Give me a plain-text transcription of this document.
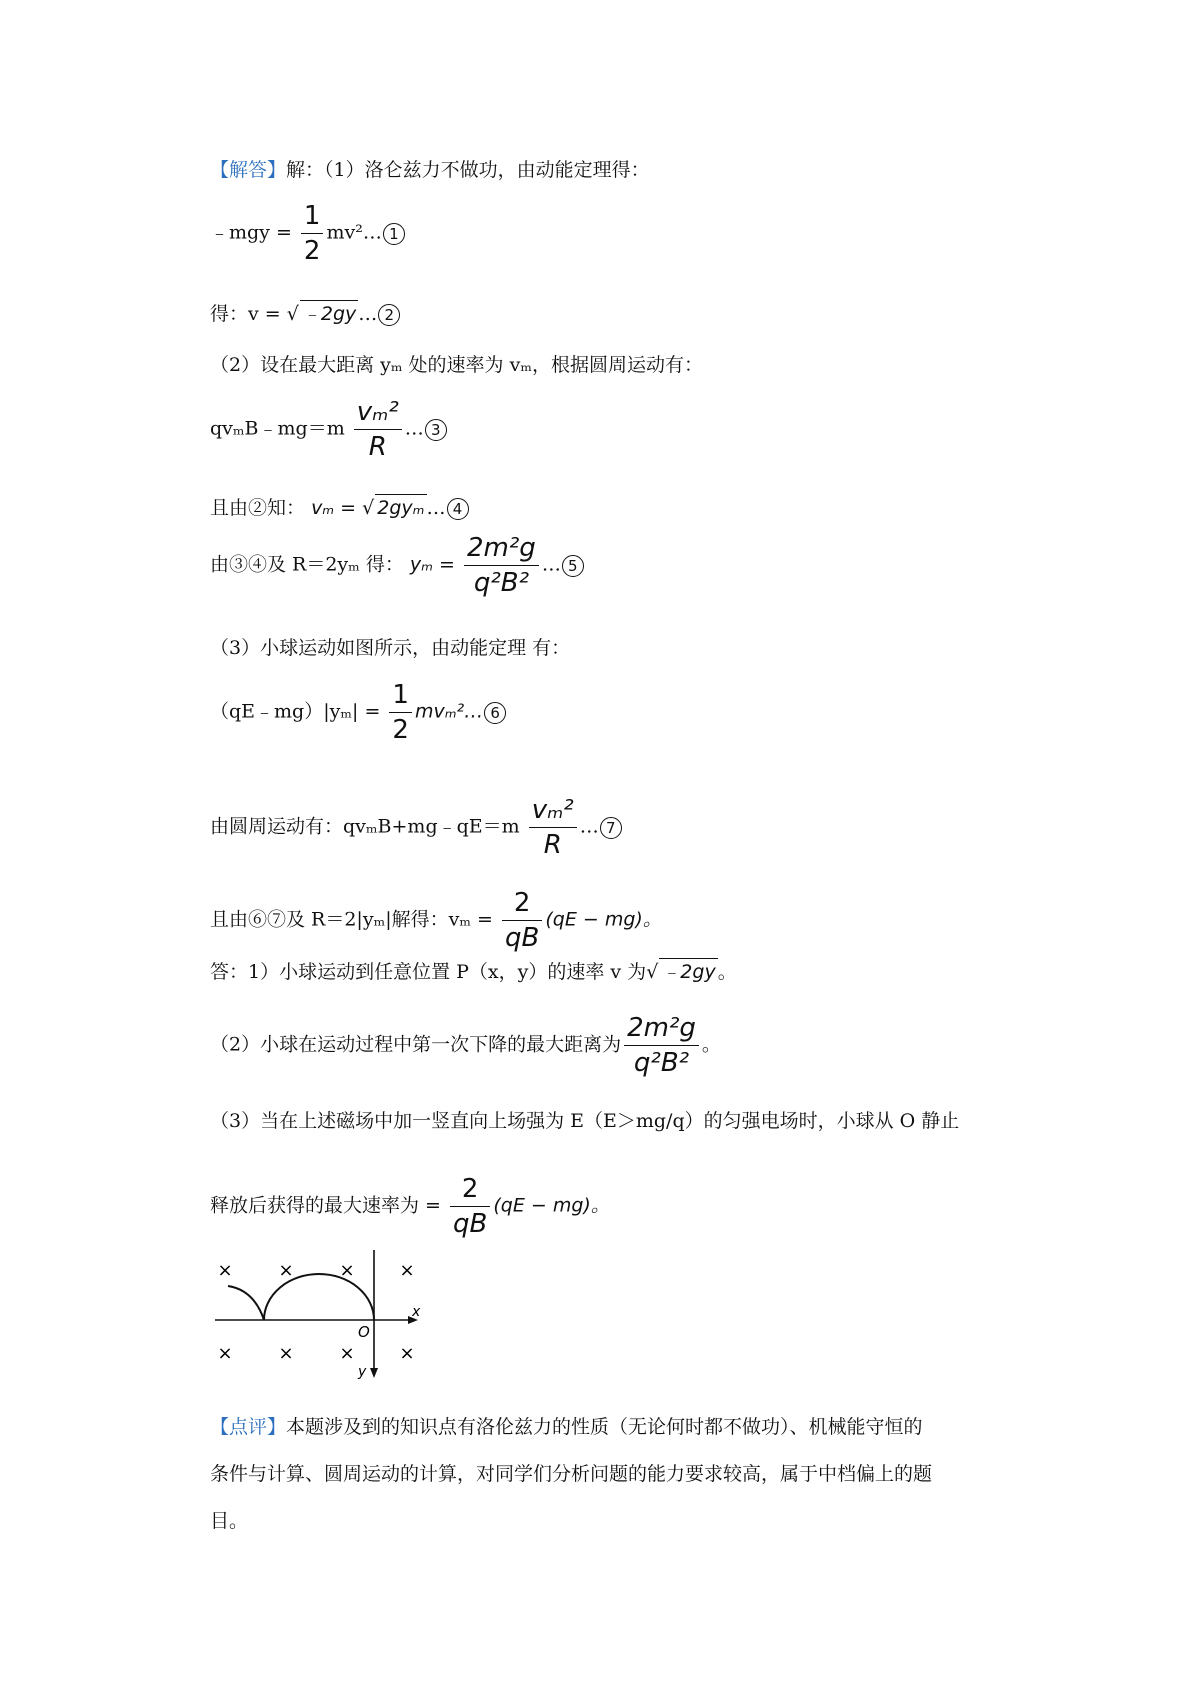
【解答】解：（1）洛仑兹力不做功，由动能定理得：
﹣mgy = $\frac{1}{2}$ mv²… 1
得：v = √ ﹣2gy … 2
（2）设在最大距离 yₘ 处的速率为 vₘ，根据圆周运动有：
qvₘB﹣mg＝m $\frac{\text{vₘ²}}{R}$ … 3
且由②知： vₘ = √ 2gyₘ … 4
由③④及 R＝2yₘ 得： $y_m = \frac{\text{2m²g}}{\text{q²B²}}$ … 5
（3）小球运动如图所示，由动能定理 有：
（qE﹣mg）|yₘ| = $\frac{1}{2}$ mvₘ²… 6
由圆周运动有：qvₘB+mg﹣qE＝m $\frac{\text{vₘ²}}{R}$ … 7
且由⑥⑦及 R＝2|yₘ|解得：$v_m = \frac{2}{qB} (qE - mg)$。
答：1）小球运动到任意位置 P（x，y）的速率 v 为√ ﹣2gy 。
（2）小球在运动过程中第一次下降的最大距离为 $\frac{\text{2m²g}}{\text{q²B²}}$ 。
（3）当在上述磁场中加一竖直向上场强为 E（E＞mg/q）的匀强电场时，小球从 O 静止
释放后获得的最大速率为 = $\frac{2}{qB} (qE - mg)$。
×	×	× ×
×	×	× ×
O
x
y
【点评】本题涉及到的知识点有洛伦兹力的性质（无论何时都不做功）、机械能守恒的
条件与计算、圆周运动的计算，对同学们分析问题的能力要求较高，属于中档偏上的题
目。
